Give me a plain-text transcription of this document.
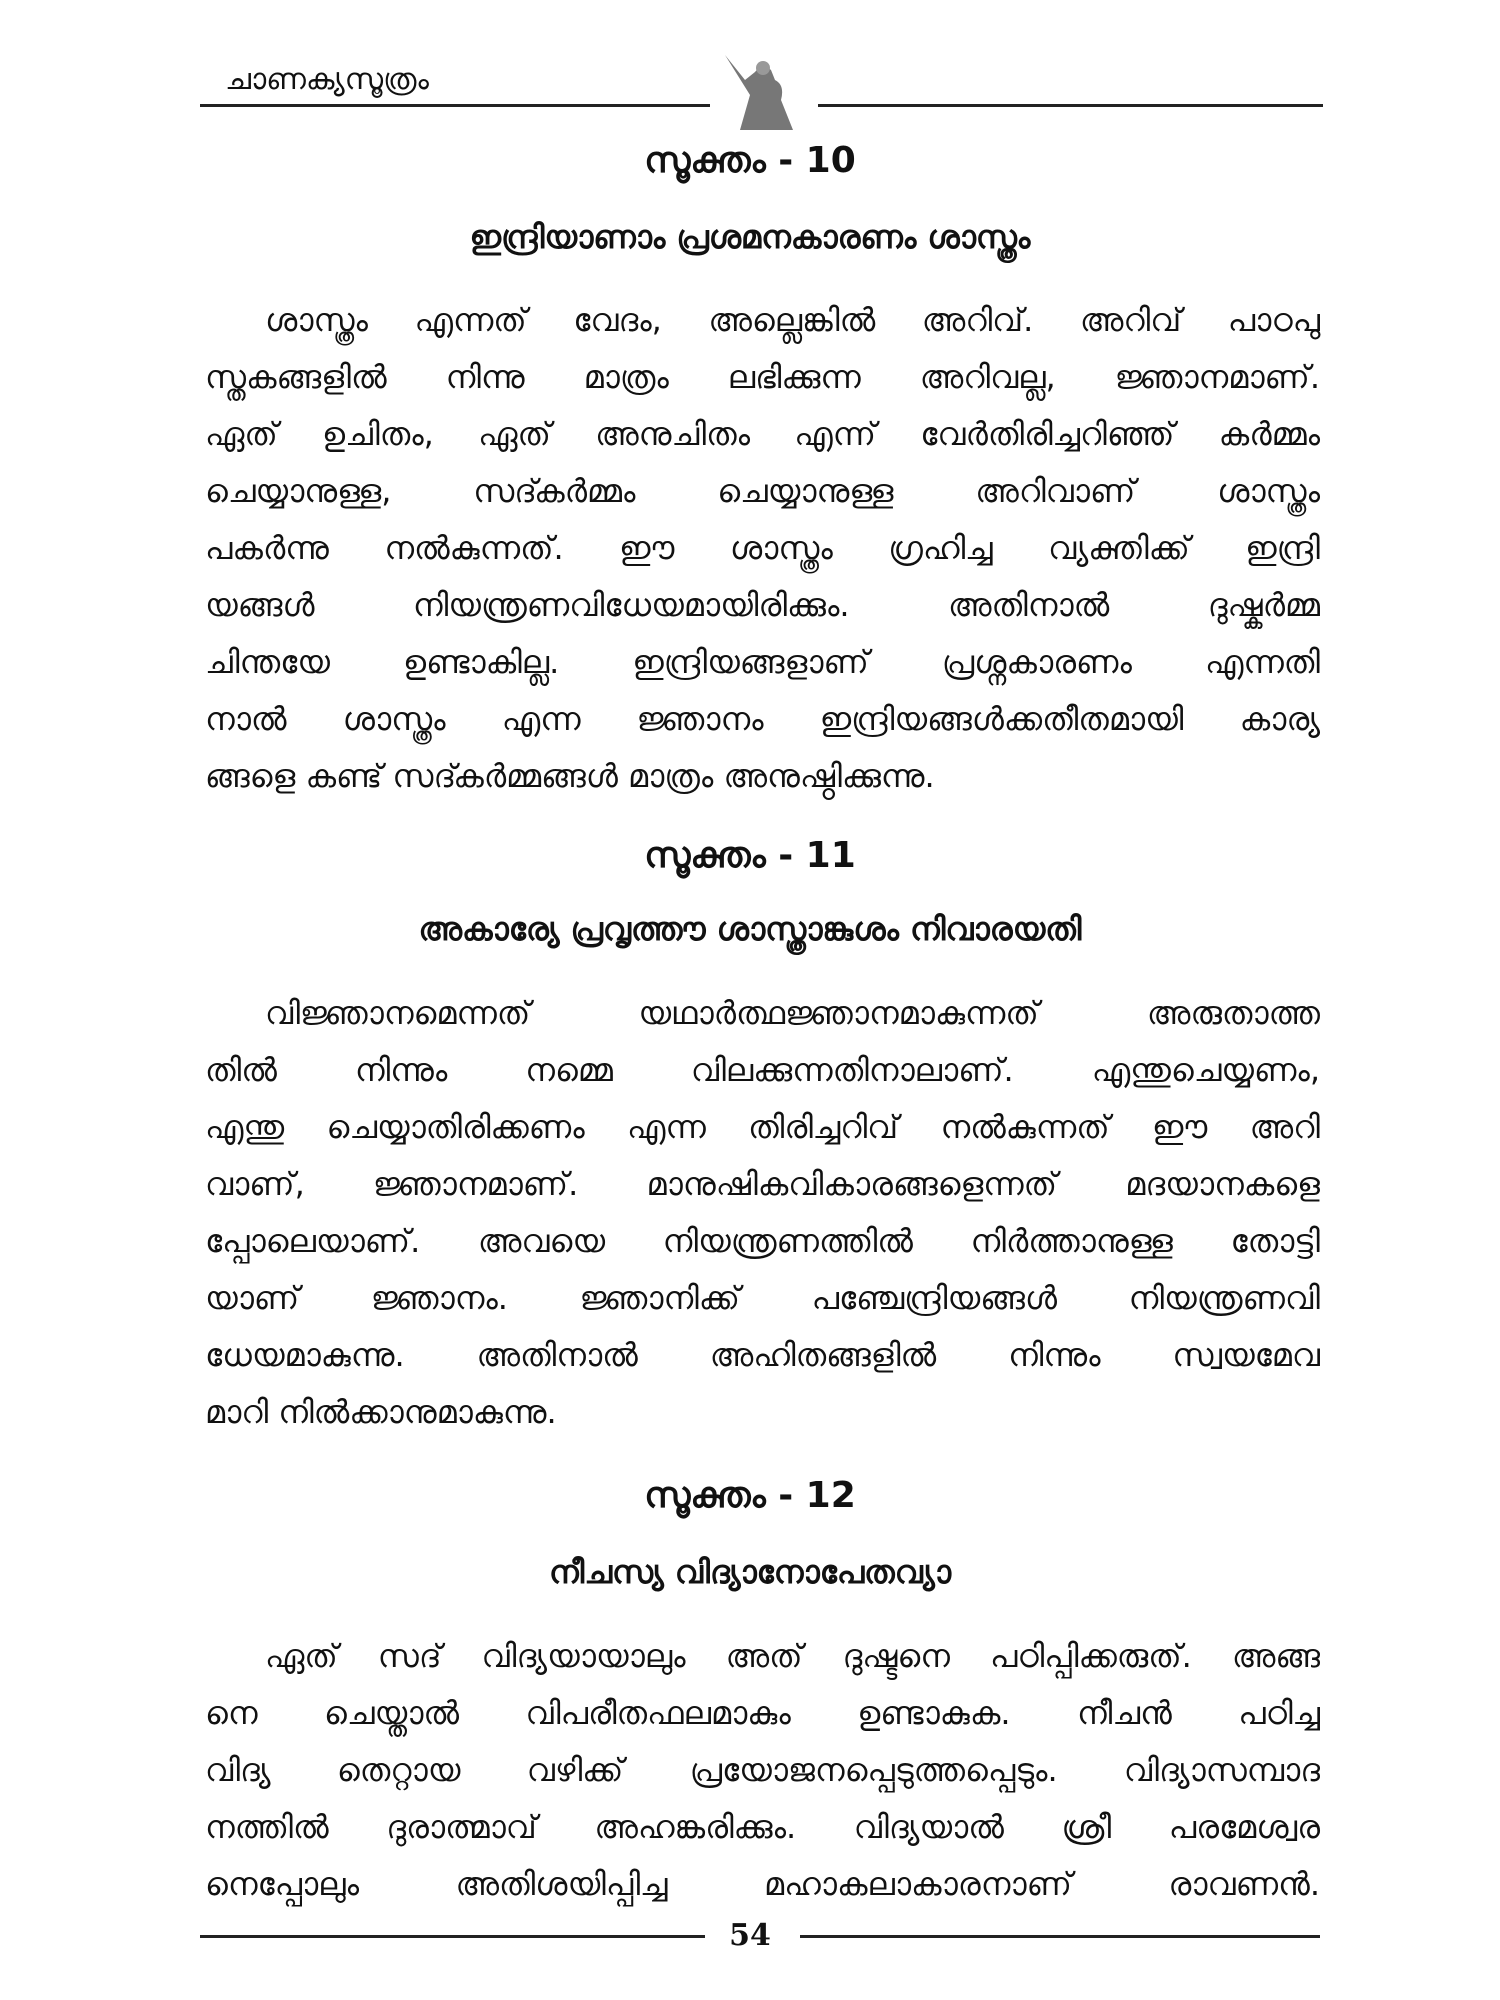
ചാണക്യസൂത്രം
സൂക്തം - 10
ഇന്ദ്രിയാണാം പ്രശമനകാരണം ശാസ്ത്രം
ശാസ്ത്രം എന്നത് വേദം, അല്ലെങ്കിൽ അറിവ്. അറിവ് പാഠപു
സ്തകങ്ങളിൽ നിന്നു മാത്രം ലഭിക്കുന്ന അറിവല്ല, ജ്ഞാനമാണ്.
ഏത് ഉചിതം, ഏത് അനുചിതം എന്ന് വേർതിരിച്ചറിഞ്ഞ് കർമ്മം
ചെയ്യാനുള്ള, സദ്കർമ്മം ചെയ്യാനുള്ള അറിവാണ് ശാസ്ത്രം
പകർന്നു നൽകുന്നത്. ഈ ശാസ്ത്രം ഗ്രഹിച്ച വ്യക്തിക്ക് ഇന്ദ്രി
യങ്ങൾ നിയന്ത്രണവിധേയമായിരിക്കും. അതിനാൽ ദുഷ്കർമ്മ
ചിന്തയേ ഉണ്ടാകില്ല. ഇന്ദ്രിയങ്ങളാണ് പ്രശ്നകാരണം എന്നതി
നാൽ ശാസ്ത്രം എന്ന ജ്ഞാനം ഇന്ദ്രിയങ്ങൾക്കതീതമായി കാര്യ
ങ്ങളെ കണ്ട് സദ്കർമ്മങ്ങൾ മാത്രം അനുഷ്ഠിക്കുന്നു.
സൂക്തം - 11
അകാര്യേ പ്രവൃത്തൗ ശാസ്ത്രാങ്കുശം നിവാരയതി
വിജ്ഞാനമെന്നത് യഥാർത്ഥജ്ഞാനമാകുന്നത് അരുതാത്ത
തിൽ നിന്നും നമ്മെ വിലക്കുന്നതിനാലാണ്. എന്തുചെയ്യണം,
എന്തു ചെയ്യാതിരിക്കണം എന്ന തിരിച്ചറിവ് നൽകുന്നത് ഈ അറി
വാണ്, ജ്ഞാനമാണ്. മാനുഷികവികാരങ്ങളെന്നത് മദയാനകളെ
പ്പോലെയാണ്. അവയെ നിയന്ത്രണത്തിൽ നിർത്താനുള്ള തോട്ടി
യാണ് ജ്ഞാനം. ജ്ഞാനിക്ക് പഞ്ചേന്ദ്രിയങ്ങൾ നിയന്ത്രണവി
ധേയമാകുന്നു. അതിനാൽ അഹിതങ്ങളിൽ നിന്നും സ്വയമേവ
മാറി നിൽക്കാനുമാകുന്നു.
സൂക്തം - 12
നീചസ്യ വിദ്യാനോപേതവ്യാ
ഏത് സദ് വിദ്യയായാലും അത് ദുഷ്ടനെ പഠിപ്പിക്കരുത്. അങ്ങ
നെ ചെയ്താൽ വിപരീതഫലമാകും ഉണ്ടാകുക. നീചൻ പഠിച്ച
വിദ്യ തെറ്റായ വഴിക്ക് പ്രയോജനപ്പെടുത്തപ്പെടും. വിദ്യാസമ്പാദ
നത്തിൽ ദുരാത്മാവ് അഹങ്കരിക്കും. വിദ്യയാൽ ശ്രീ പരമേശ്വര
നെപ്പോലും അതിശയിപ്പിച്ച മഹാകലാകാരനാണ് രാവണൻ.
54
